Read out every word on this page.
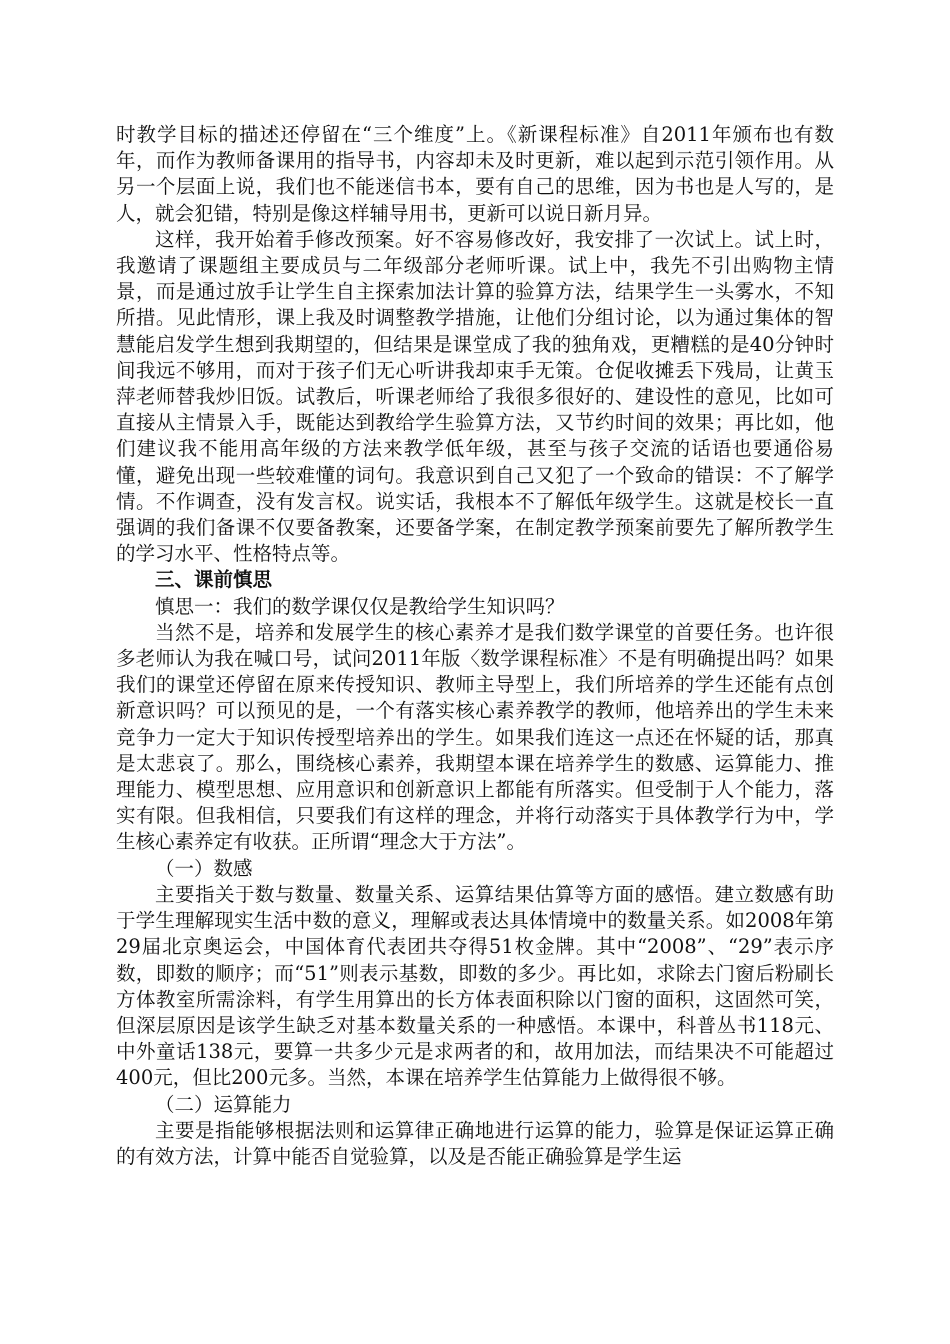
时教学目标的描述还停留在“三个维度”上。《新课程标准》自2011年颁布也有数年，而作为教师备课用的指导书，内容却未及时更新，难以起到示范引领作用。从另一个层面上说，我们也不能迷信书本，要有自己的思维，因为书也是人写的，是人，就会犯错，特别是像这样辅导用书，更新可以说日新月异。

这样，我开始着手修改预案。好不容易修改好，我安排了一次试上。试上时，我邀请了课题组主要成员与二年级部分老师听课。试上中，我先不引出购物主情景，而是通过放手让学生自主探索加法计算的验算方法，结果学生一头雾水，不知所措。见此情形，课上我及时调整教学措施，让他们分组讨论，以为通过集体的智慧能启发学生想到我期望的，但结果是课堂成了我的独角戏，更糟糕的是40分钟时间我远不够用，而对于孩子们无心听讲我却束手无策。仓促收摊丢下残局，让黄玉萍老师替我炒旧饭。试教后，听课老师给了我很多很好的、建设性的意见，比如可直接从主情景入手，既能达到教给学生验算方法，又节约时间的效果；再比如，他们建议我不能用高年级的方法来教学低年级，甚至与孩子交流的话语也要通俗易懂，避免出现一些较难懂的词句。我意识到自己又犯了一个致命的错误：不了解学情。不作调查，没有发言权。说实话，我根本不了解低年级学生。这就是校长一直强调的我们备课不仅要备教案，还要备学案，在制定教学预案前要先了解所教学生的学习水平、性格特点等。

三、课前慎思

慎思一：我们的数学课仅仅是教给学生知识吗？

当然不是，培养和发展学生的核心素养才是我们数学课堂的首要任务。也许很多老师认为我在喊口号，试问2011年版〈数学课程标准〉不是有明确提出吗？如果我们的课堂还停留在原来传授知识、教师主导型上，我们所培养的学生还能有点创新意识吗？可以预见的是，一个有落实核心素养教学的教师，他培养出的学生未来竞争力一定大于知识传授型培养出的学生。如果我们连这一点还在怀疑的话，那真是太悲哀了。那么，围绕核心素养，我期望本课在培养学生的数感、运算能力、推理能力、模型思想、应用意识和创新意识上都能有所落实。但受制于人个能力，落实有限。但我相信，只要我们有这样的理念，并将行动落实于具体教学行为中，学生核心素养定有收获。正所谓“理念大于方法”。

（一）数感

主要指关于数与数量、数量关系、运算结果估算等方面的感悟。建立数感有助于学生理解现实生活中数的意义，理解或表达具体情境中的数量关系。如2008年第29届北京奥运会，中国体育代表团共夺得51枚金牌。其中“2008”、“29”表示序数，即数的顺序；而“51”则表示基数，即数的多少。再比如，求除去门窗后粉刷长方体教室所需涂料，有学生用算出的长方体表面积除以门窗的面积，这固然可笑，但深层原因是该学生缺乏对基本数量关系的一种感悟。本课中，科普丛书118元、中外童话138元，要算一共多少元是求两者的和，故用加法，而结果决不可能超过400元，但比200元多。当然，本课在培养学生估算能力上做得很不够。

（二）运算能力

主要是指能够根据法则和运算律正确地进行运算的能力，验算是保证运算正确的有效方法，计算中能否自觉验算，以及是否能正确验算是学生运
